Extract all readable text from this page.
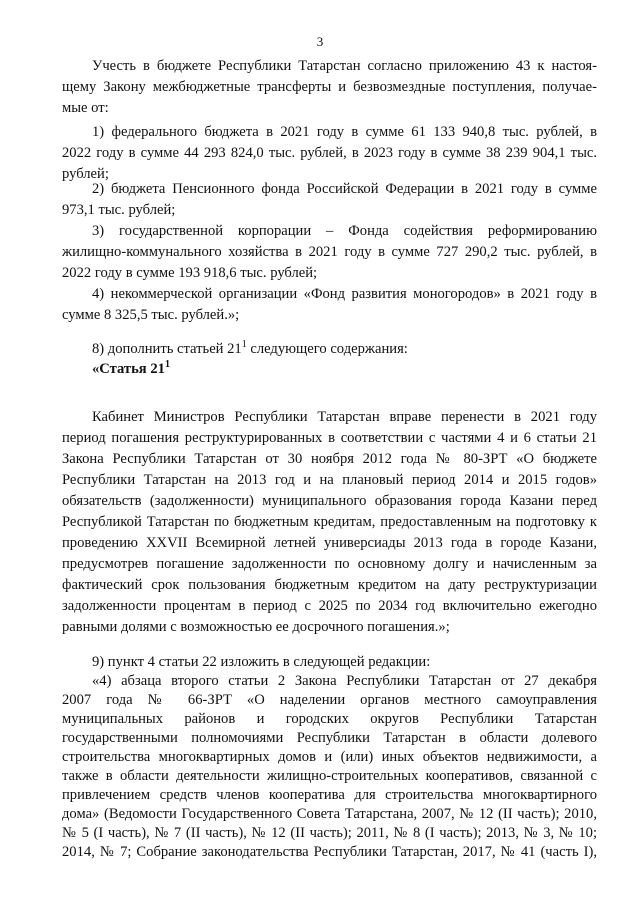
3
Учесть в бюджете Республики Татарстан согласно приложению 43 к настоя-
щему Закону межбюджетные трансферты и безвозмездные поступления, получае-
мые от:
1) федерального бюджета в 2021 году в сумме 61 133 940,8 тыс. рублей, в
2022 году в сумме 44 293 824,0 тыс. рублей, в 2023 году в сумме 38 239 904,1 тыс.
рублей;
2) бюджета Пенсионного фонда Российской Федерации в 2021 году в сумме
973,1 тыс. рублей;
3) государственной корпорации – Фонда содействия реформированию
жилищно-коммунального хозяйства в 2021 году в сумме 727 290,2 тыс. рублей, в
2022 году в сумме 193 918,6 тыс. рублей;
4) некоммерческой организации «Фонд развития моногородов» в 2021 году в
сумме 8 325,5 тыс. рублей.»;
8) дополнить статьей $21^1$ следующего содержания:
«Статья $21^1$
Кабинет Министров Республики Татарстан вправе перенести в 2021 году
период погашения реструктурированных в соответствии с частями 4 и 6 статьи 21
Закона Республики Татарстан от 30 ноября 2012 года № 80-ЗРТ «О бюджете
Республики Татарстан на 2013 год и на плановый период 2014 и 2015 годов»
обязательств (задолженности) муниципального образования города Казани перед
Республикой Татарстан по бюджетным кредитам, предоставленным на подготовку к
проведению XXVII Всемирной летней универсиады 2013 года в городе Казани,
предусмотрев погашение задолженности по основному долгу и начисленным за
фактический срок пользования бюджетным кредитом на дату реструктуризации
задолженности процентам в период с 2025 по 2034 год включительно ежегодно
равными долями с возможностью ее досрочного погашения.»;
9) пункт 4 статьи 22 изложить в следующей редакции:
«4) абзаца второго статьи 2 Закона Республики Татарстан от 27 декабря
2007 года № 66-ЗРТ «О наделении органов местного самоуправления
муниципальных районов и городских округов Республики Татарстан
государственными полномочиями Республики Татарстан в области долевого
строительства многоквартирных домов и (или) иных объектов недвижимости, а
также в области деятельности жилищно-строительных кооперативов, связанной с
привлечением средств членов кооператива для строительства многоквартирного
дома» (Ведомости Государственного Совета Татарстана, 2007, № 12 (II часть); 2010,
№ 5 (I часть), № 7 (II часть), № 12 (II часть); 2011, № 8 (I часть); 2013, № 3, № 10;
2014, № 7; Собрание законодательства Республики Татарстан, 2017, № 41 (часть I),
